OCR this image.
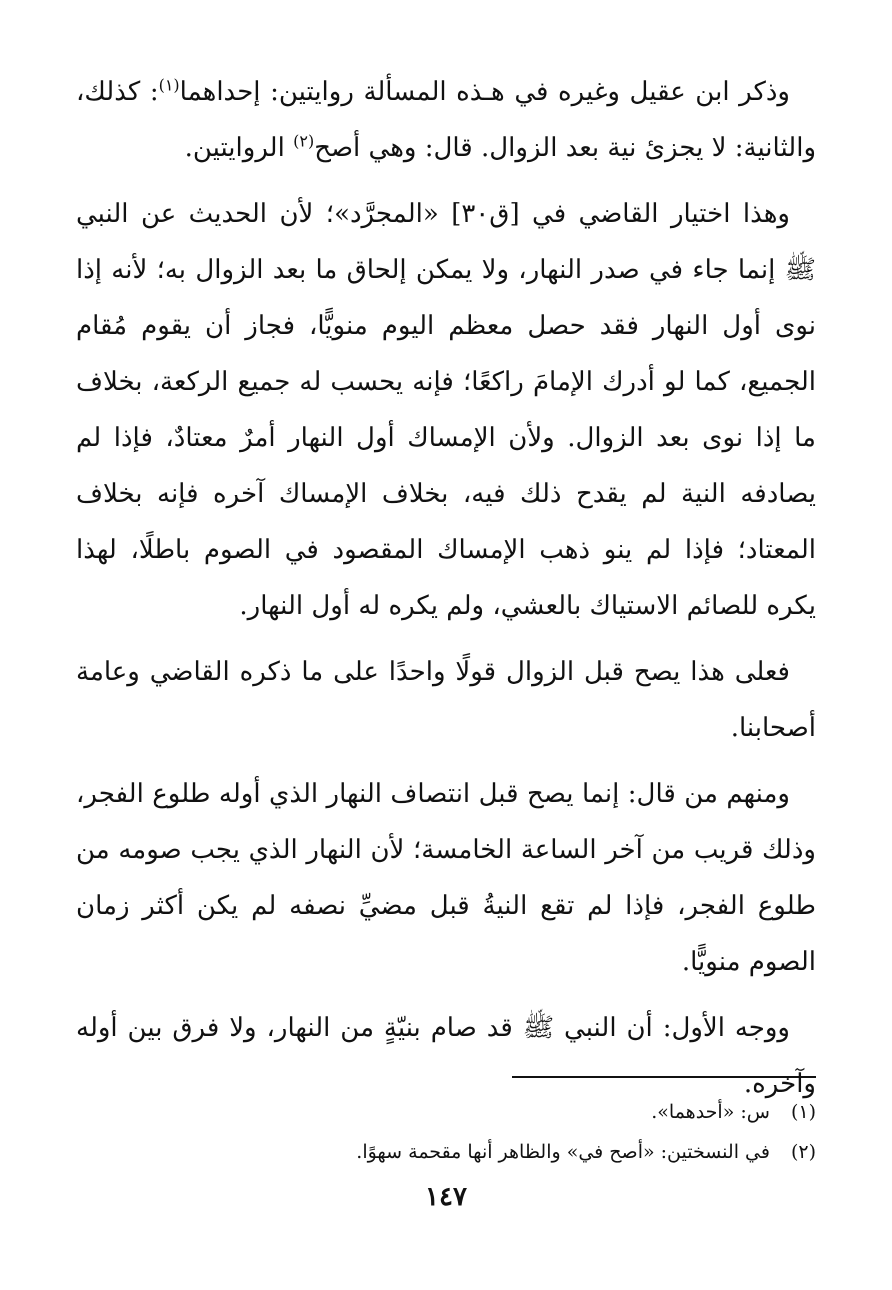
وذكر ابن عقيل وغيره في هـذه المسألة روايتين: إحداهما$^{(١)}$: كذلك، والثانية: لا يجزئ نية بعد الزوال. قال: وهي أصح$^{(٢)}$ الروايتين.

وهذا اختيار القاضي في [ق٣٠] «المجرَّد»؛ لأن الحديث عن النبي ﷺ إنما جاء في صدر النهار، ولا يمكن إلحاق ما بعد الزوال به؛ لأنه إذا نوى أول النهار فقد حصل معظم اليوم منويًّا، فجاز أن يقوم مُقام الجميع، كما لو أدرك الإمامَ راكعًا؛ فإنه يحسب له جميع الركعة، بخلاف ما إذا نوى بعد الزوال. ولأن الإمساك أول النهار أمرٌ معتادٌ، فإذا لم يصادفه النية لم يقدح ذلك فيه، بخلاف الإمساك آخره فإنه بخلاف المعتاد؛ فإذا لم ينو ذهب الإمساك المقصود في الصوم باطلًا، لهذا يكره للصائم الاستياك بالعشي، ولم يكره له أول النهار.

فعلى هذا يصح قبل الزوال قولًا واحدًا على ما ذكره القاضي وعامة أصحابنا.

ومنهم من قال: إنما يصح قبل انتصاف النهار الذي أوله طلوع الفجر، وذلك قريب من آخر الساعة الخامسة؛ لأن النهار الذي يجب صومه من طلوع الفجر، فإذا لم تقع النيةُ قبل مضيِّ نصفه لم يكن أكثر زمان الصوم منويًّا.

ووجه الأول: أن النبي ﷺ قد صام بنيّةٍ من النهار، ولا فرق بين أوله وآخره.

(١) س: «أحدهما».

(٢) في النسختين: «أصح في» والظاهر أنها مقحمة سهوًا.

١٤٧
